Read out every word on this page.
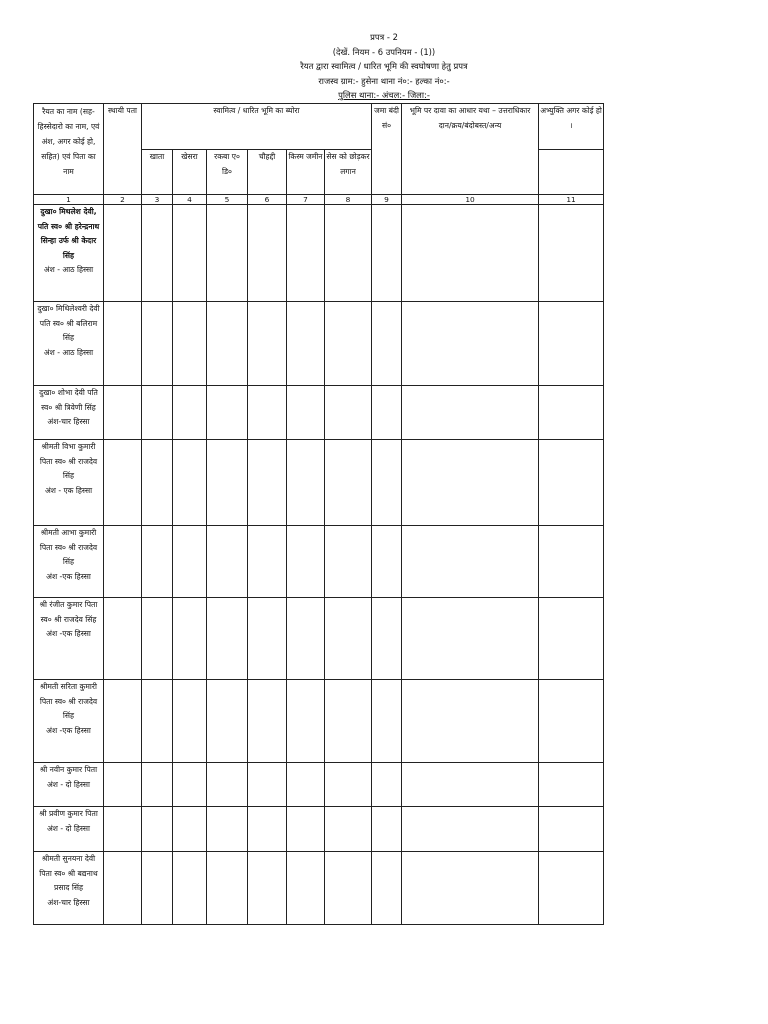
प्रपत्र - 2
(देखें. नियम - 6 उपनियम - (1))
रैयत द्वारा स्वामित्व / धारित भूमि की स्वघोषणा हेतु प्रपत्र
राजस्व ग्राम:- हुसेना थाना नं०:- हल्का नं०:-
पुलिस थाना:- अंचल:- जिला:-
रैयत का नाम (सह-हिस्सेदारो का नाम, एवं अंश, अगर कोई हो, सहित) एवं पिता का नाम	स्थायी पता	स्वामित्व / धारित भूमि का ब्योरा						जमा बंदी सं०	भूमि पर दावा का आधार यथा – उत्तराधिकार दान/क्रय/बंदोबस्त/अन्य	अभ्युक्ति अगर कोई हो ।
		खाता	खेसरा	रकबा ए० डि०	चौहद्दी	किस्म जमीन	सेस को छोड़कर लगान			
1	2	3	4	5	6	7	8	9	10	11

दुखा० मिथलेश देवी, पति स्व० श्री हरेन्द्रनाथ सिन्हा उर्फ श्री केदार सिंह
अंश - आठ हिस्सा										

दुखा० मिथिलेश्वरी देवी पति स्व० श्री बलिराम सिंह
अंश - आठ हिस्सा										

दुखा० शोभा देवी पति स्व० श्री त्रिवेणी सिंह
अंश-चार हिस्सा										

श्रीमती विभा कुमारी पिता स्व० श्री राजदेव सिंह
अंश - एक हिस्सा										

श्रीमती आभा कुमारी पिता स्व० श्री राजदेव सिंह
अंश -एक हिस्सा										

श्री रंजीत कुमार पिता स्व० श्री राजदेव सिंह
अंश -एक हिस्सा										

श्रीमती सरिता कुमारी पिता स्व० श्री राजदेव सिंह
अंश -एक हिस्सा										

श्री नवीन कुमार पिता
अंश - दो हिस्सा										

श्री प्रवीण कुमार पिता
अंश - दो हिस्सा										

श्रीमती सुनयना देवी पिता स्व० श्री बद्यनाथ प्रसाद सिंह
अंश-चार हिस्सा										
